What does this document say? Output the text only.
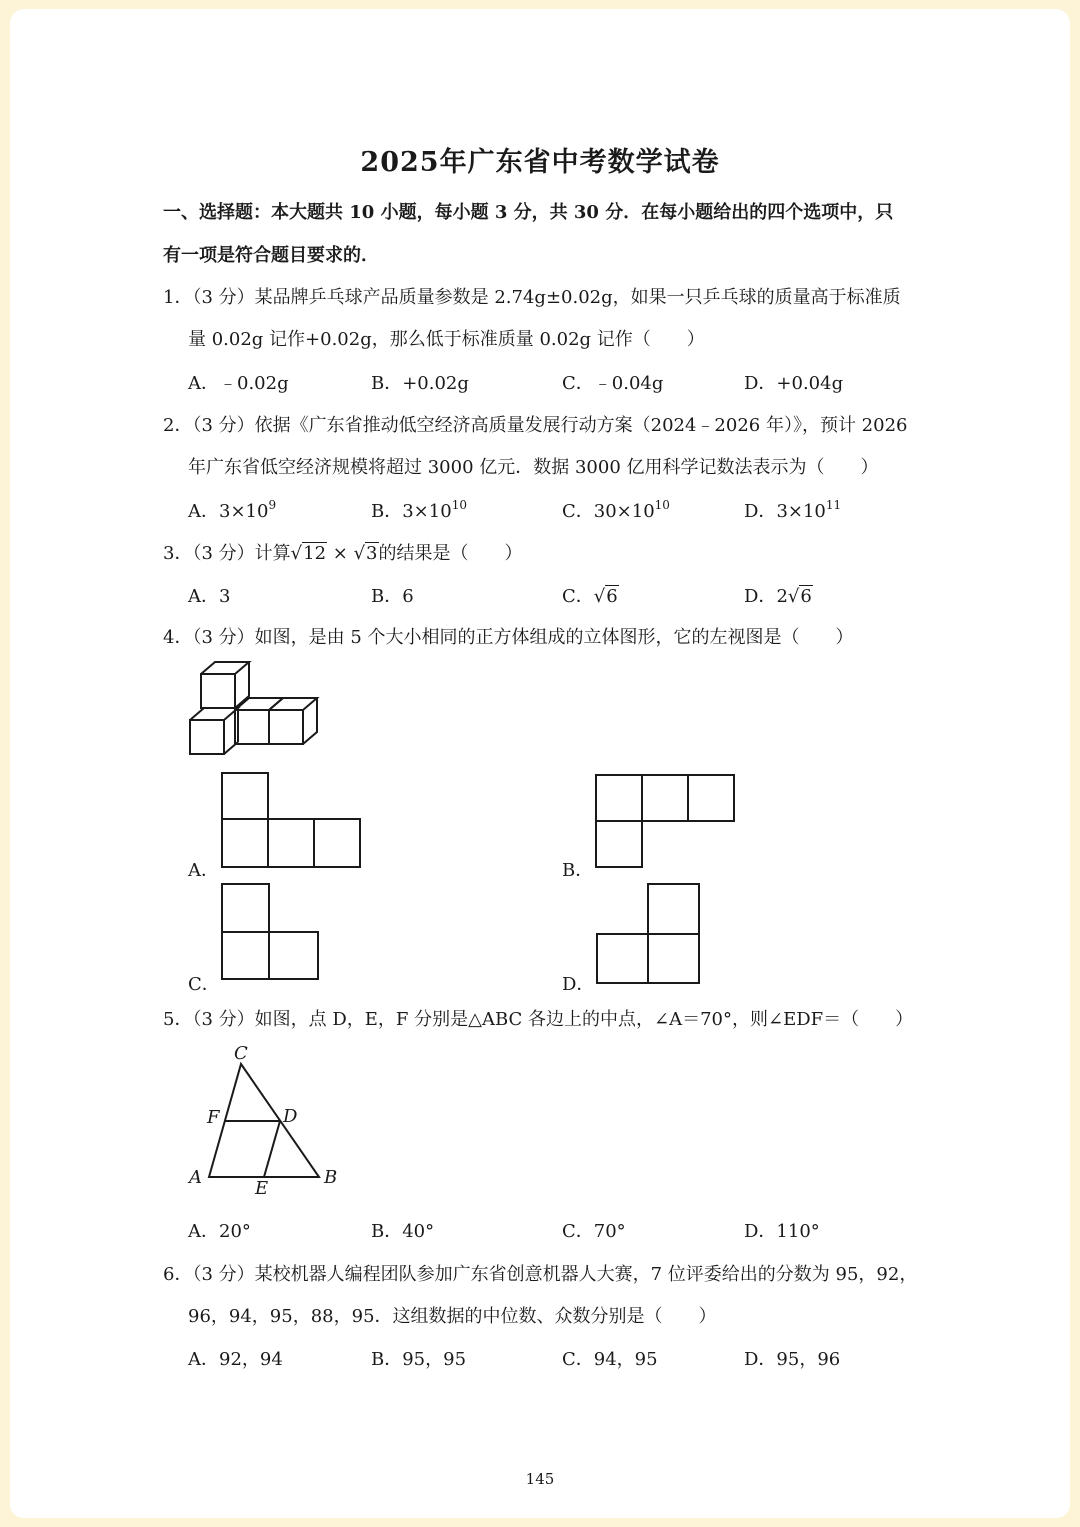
2025年广东省中考数学试卷
一、选择题：本大题共 10 小题，每小题 3 分，共 30 分．在每小题给出的四个选项中，只
有一项是符合题目要求的．
1．（3 分）某品牌乒乓球产品质量参数是 2.74g±0.02g，如果一只乒乓球的质量高于标准质
量 0.02g 记作+0.02g，那么低于标准质量 0.02g 记作（　　）
A．﹣0.02g	B．+0.02g	C．﹣0.04g	D．+0.04g
2．（3 分）依据《广东省推动低空经济高质量发展行动方案（2024﹣2026 年）》，预计 2026
年广东省低空经济规模将超过 3000 亿元．数据 3000 亿用科学记数法表示为（　　）
A．$3\times 10^9$	B．$3\times 10^{10}$	C．$30\times 10^{10}$	D．$3\times 10^{11}$
3．（3 分）计算√12 × √3的结果是（　　）
A．3	B．6	C．√6	D．2√6
4．（3 分）如图，是由 5 个大小相同的正方体组成的立体图形，它的左视图是（　　）
A．	B．
C．	D．
5．（3 分）如图，点 D，E，F 分别是△ABC 各边上的中点，∠A＝70°，则∠EDF＝（　　）
C
F	D
A
E
B
A．20°	B．40°	C．70°	D．110°
6．（3 分）某校机器人编程团队参加广东省创意机器人大赛，7 位评委给出的分数为 95，92，
96，94，95，88，95．这组数据的中位数、众数分别是（　　）
A．92，94	B．95，95	C．94，95	D．95，96
145
